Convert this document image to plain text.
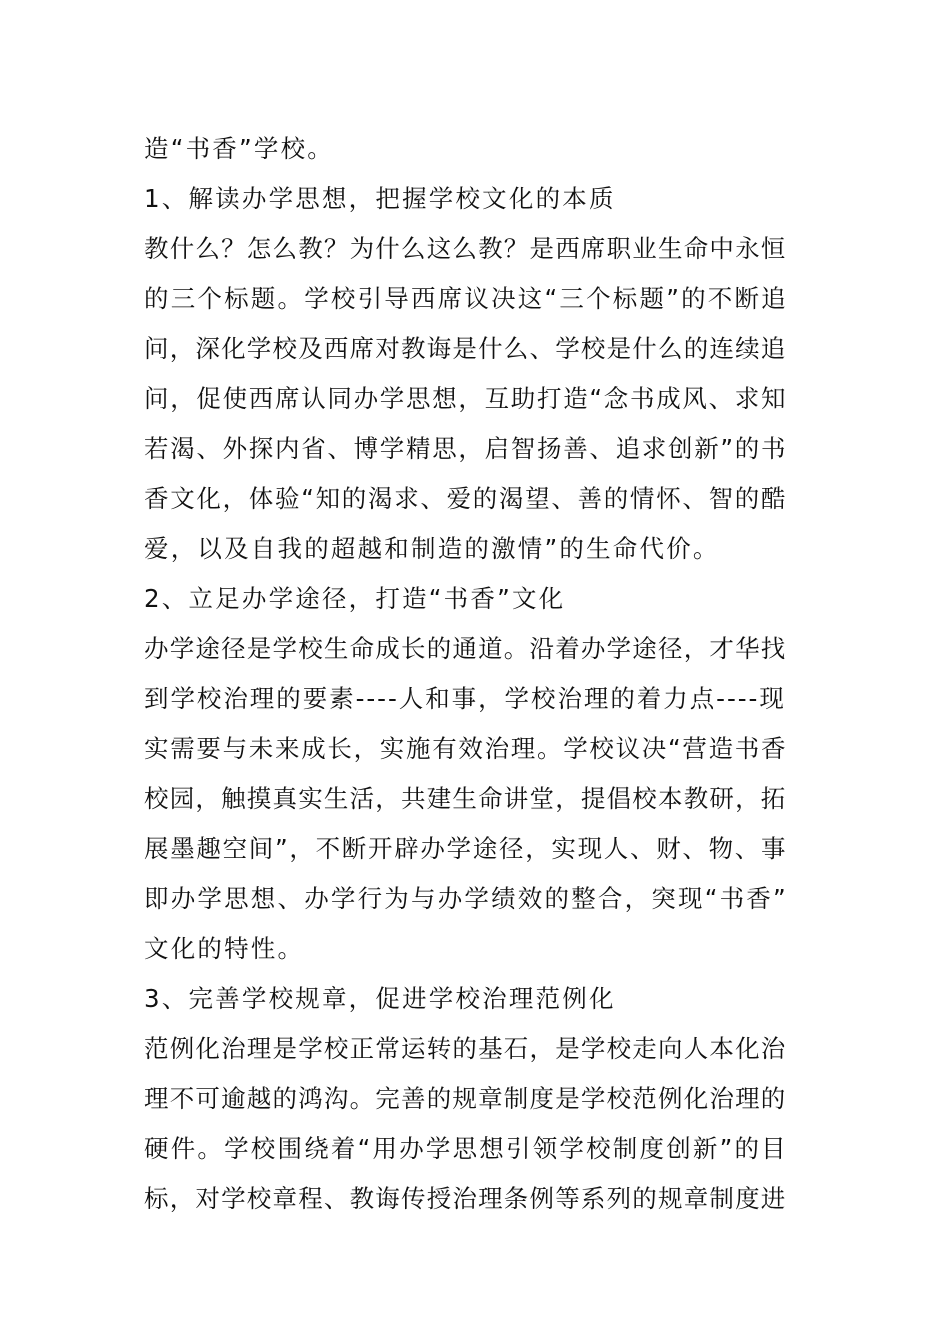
造“书香”学校。

1、解读办学思想，把握学校文化的本质

教什么？怎么教？为什么这么教？是西席职业生命中永恒

的三个标题。学校引导西席议决这“三个标题”的不断追

问，深化学校及西席对教诲是什么、学校是什么的连续追

问，促使西席认同办学思想，互助打造“念书成风、求知

若渴、外探内省、博学精思，启智扬善、追求创新”的书

香文化，体验“知的渴求、爱的渴望、善的情怀、智的酷

爱，以及自我的超越和制造的激情”的生命代价。

2、立足办学途径，打造“书香”文化

办学途径是学校生命成长的通道。沿着办学途径，才华找

到学校治理的要素----人和事，学校治理的着力点----现

实需要与未来成长，实施有效治理。学校议决“营造书香

校园，触摸真实生活，共建生命讲堂，提倡校本教研，拓

展墨趣空间”，不断开辟办学途径，实现人、财、物、事

即办学思想、办学行为与办学绩效的整合，突现“书香”

文化的特性。

3、完善学校规章，促进学校治理范例化

范例化治理是学校正常运转的基石，是学校走向人本化治

理不可逾越的鸿沟。完善的规章制度是学校范例化治理的

硬件。学校围绕着“用办学思想引领学校制度创新”的目

标，对学校章程、教诲传授治理条例等系列的规章制度进
